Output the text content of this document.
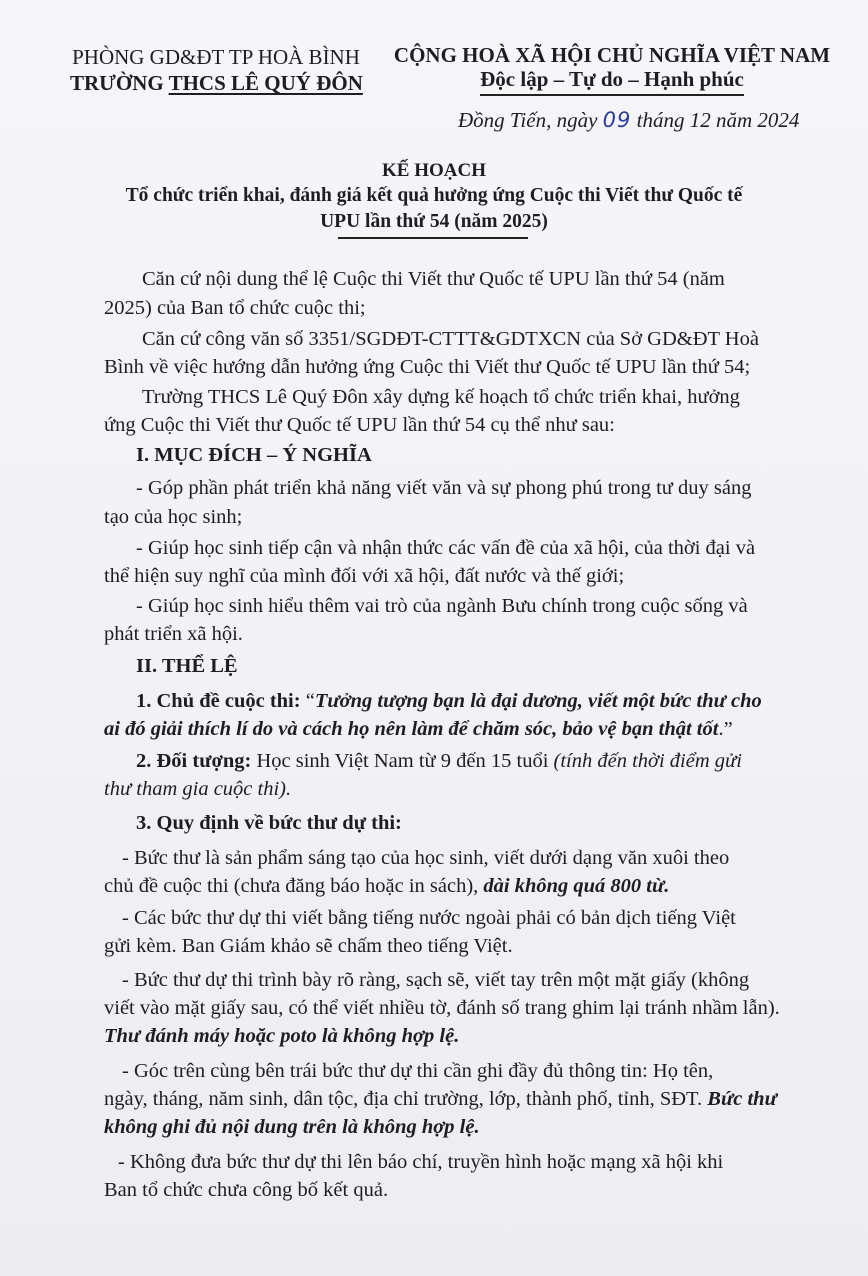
PHÒNG GD&ĐT TP HOÀ BÌNH
TRƯỜNG THCS LÊ QUÝ ĐÔN
CỘNG HOÀ XÃ HỘI CHỦ NGHĨA VIỆT NAM
Độc lập – Tự do – Hạnh phúc
Đồng Tiến, ngày 09 tháng 12 năm 2024
KẾ HOẠCH
Tổ chức triển khai, đánh giá kết quả hưởng ứng Cuộc thi Viết thư Quốc tế
UPU lần thứ 54 (năm 2025)
Căn cứ nội dung thể lệ Cuộc thi Viết thư Quốc tế UPU lần thứ 54 (năm
2025) của Ban tổ chức cuộc thi;
Căn cứ công văn số 3351/SGDĐT-CTTT&GDTXCN của Sở GD&ĐT Hoà
Bình về việc hướng dẫn hưởng ứng Cuộc thi Viết thư Quốc tế UPU lần thứ 54;
Trường THCS Lê Quý Đôn xây dựng kế hoạch tổ chức triển khai, hưởng
ứng Cuộc thi Viết thư Quốc tế UPU lần thứ 54 cụ thể như sau:
I. MỤC ĐÍCH – Ý NGHĨA
- Góp phần phát triển khả năng viết văn và sự phong phú trong tư duy sáng
tạo của học sinh;
- Giúp học sinh tiếp cận và nhận thức các vấn đề của xã hội, của thời đại và
thể hiện suy nghĩ của mình đối với xã hội, đất nước và thế giới;
- Giúp học sinh hiểu thêm vai trò của ngành Bưu chính trong cuộc sống và
phát triển xã hội.
II. THỂ LỆ
1. Chủ đề cuộc thi: “Tưởng tượng bạn là đại dương, viết một bức thư cho
ai đó giải thích lí do và cách họ nên làm để chăm sóc, bảo vệ bạn thật tốt.”
2. Đối tượng: Học sinh Việt Nam từ 9 đến 15 tuổi (tính đến thời điểm gửi
thư tham gia cuộc thi).
3. Quy định về bức thư dự thi:
- Bức thư là sản phẩm sáng tạo của học sinh, viết dưới dạng văn xuôi theo
chủ đề cuộc thi (chưa đăng báo hoặc in sách), dài không quá 800 từ.
- Các bức thư dự thi viết bằng tiếng nước ngoài phải có bản dịch tiếng Việt
gửi kèm. Ban Giám khảo sẽ chấm theo tiếng Việt.
- Bức thư dự thi trình bày rõ ràng, sạch sẽ, viết tay trên một mặt giấy (không
viết vào mặt giấy sau, có thể viết nhiều tờ, đánh số trang ghim lại tránh nhầm lẫn).
Thư đánh máy hoặc poto là không hợp lệ.
- Góc trên cùng bên trái bức thư dự thi cần ghi đầy đủ thông tin: Họ tên,
ngày, tháng, năm sinh, dân tộc, địa chỉ trường, lớp, thành phố, tỉnh, SĐT. Bức thư
không ghi đủ nội dung trên là không hợp lệ.
- Không đưa bức thư dự thi lên báo chí, truyền hình hoặc mạng xã hội khi
Ban tổ chức chưa công bố kết quả.
